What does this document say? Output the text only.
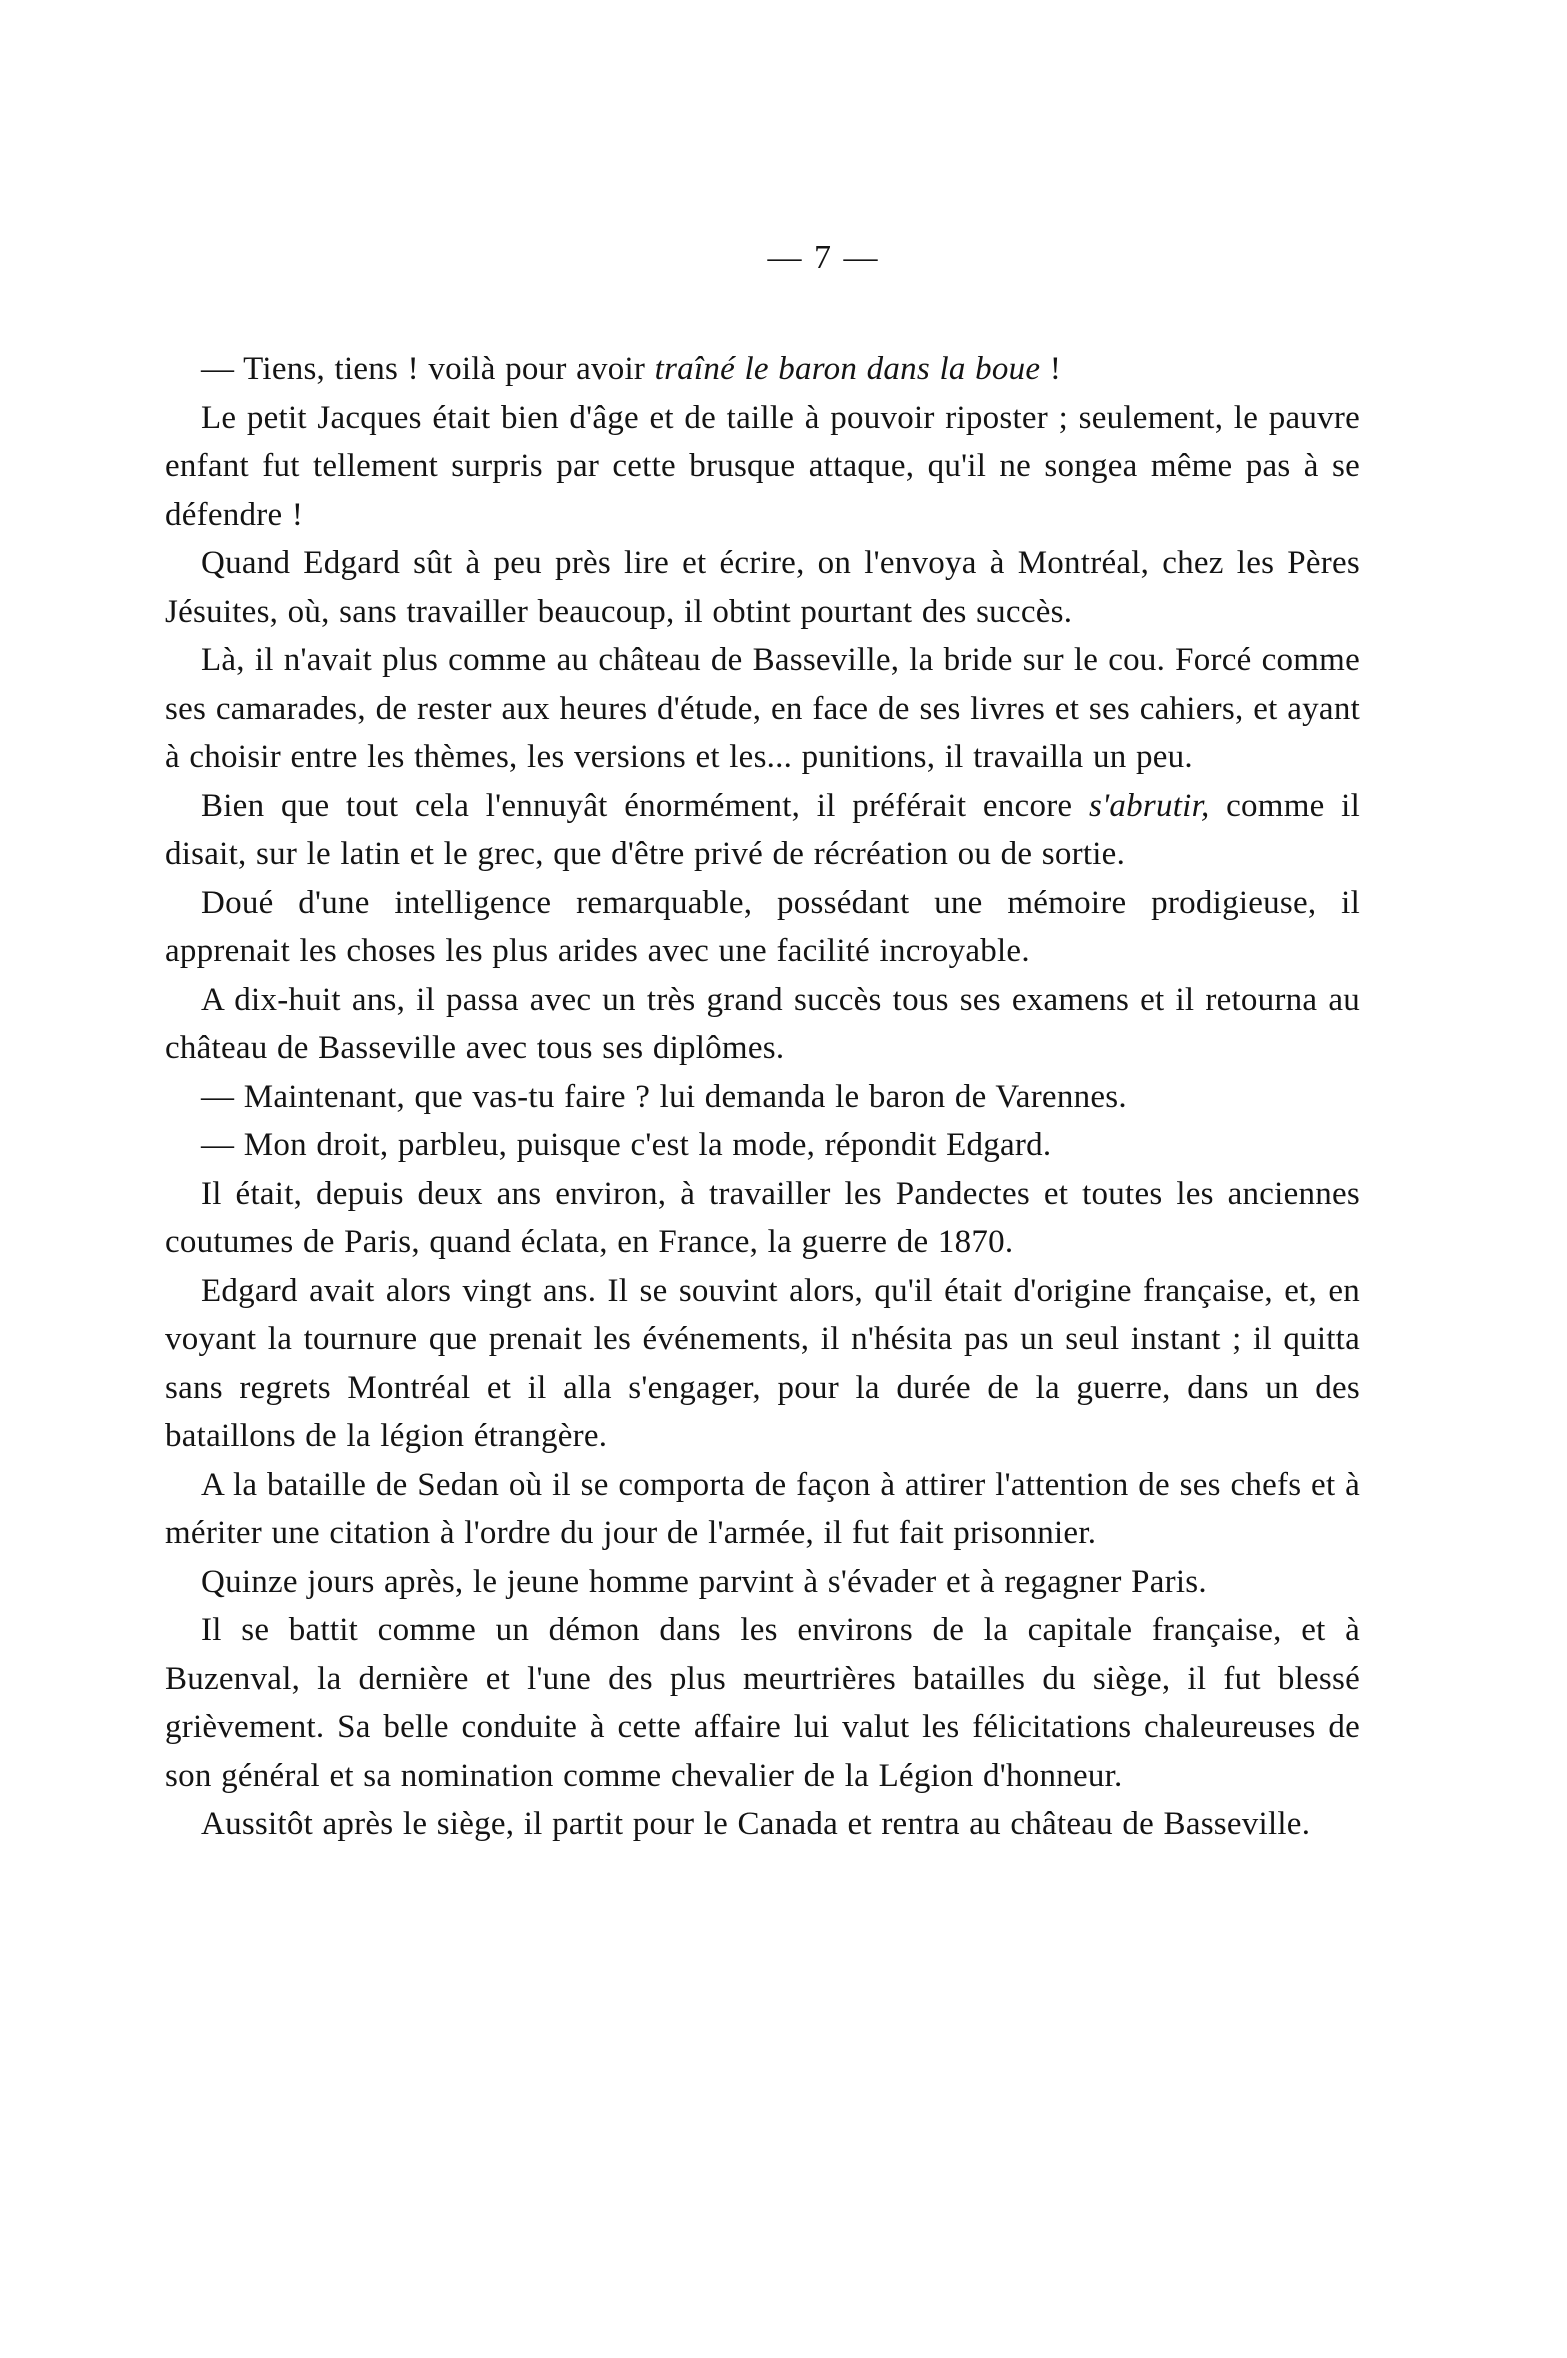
— 7 —

— Tiens, tiens ! voilà pour avoir traîné le baron dans la boue !

Le petit Jacques était bien d'âge et de taille à pouvoir riposter ; seulement, le pauvre enfant fut tellement surpris par cette brusque attaque, qu'il ne songea même pas à se défendre !

Quand Edgard sût à peu près lire et écrire, on l'envoya à Montréal, chez les Pères Jésuites, où, sans travailler beaucoup, il obtint pourtant des succès.

Là, il n'avait plus comme au château de Basseville, la bride sur le cou. Forcé comme ses camarades, de rester aux heures d'étude, en face de ses livres et ses cahiers, et ayant à choisir entre les thèmes, les versions et les... punitions, il travailla un peu.

Bien que tout cela l'ennuyât énormément, il préférait encore s'abrutir, comme il disait, sur le latin et le grec, que d'être privé de récréation ou de sortie.

Doué d'une intelligence remarquable, possédant une mémoire prodigieuse, il apprenait les choses les plus arides avec une facilité incroyable.

A dix-huit ans, il passa avec un très grand succès tous ses examens et il retourna au château de Basseville avec tous ses diplômes.

— Maintenant, que vas-tu faire ? lui demanda le baron de Varennes.

— Mon droit, parbleu, puisque c'est la mode, répondit Edgard.

Il était, depuis deux ans environ, à travailler les Pandectes et toutes les anciennes coutumes de Paris, quand éclata, en France, la guerre de 1870.

Edgard avait alors vingt ans. Il se souvint alors, qu'il était d'origine française, et, en voyant la tournure que prenait les événements, il n'hésita pas un seul instant ; il quitta sans regrets Montréal et il alla s'engager, pour la durée de la guerre, dans un des bataillons de la légion étrangère.

A la bataille de Sedan où il se comporta de façon à attirer l'attention de ses chefs et à mériter une citation à l'ordre du jour de l'armée, il fut fait prisonnier.

Quinze jours après, le jeune homme parvint à s'évader et à regagner Paris.

Il se battit comme un démon dans les environs de la capitale française, et à Buzenval, la dernière et l'une des plus meurtrières batailles du siège, il fut blessé grièvement. Sa belle conduite à cette affaire lui valut les félicitations chaleureuses de son général et sa nomination comme chevalier de la Légion d'honneur.

Aussitôt après le siège, il partit pour le Canada et rentra au château de Basseville.
